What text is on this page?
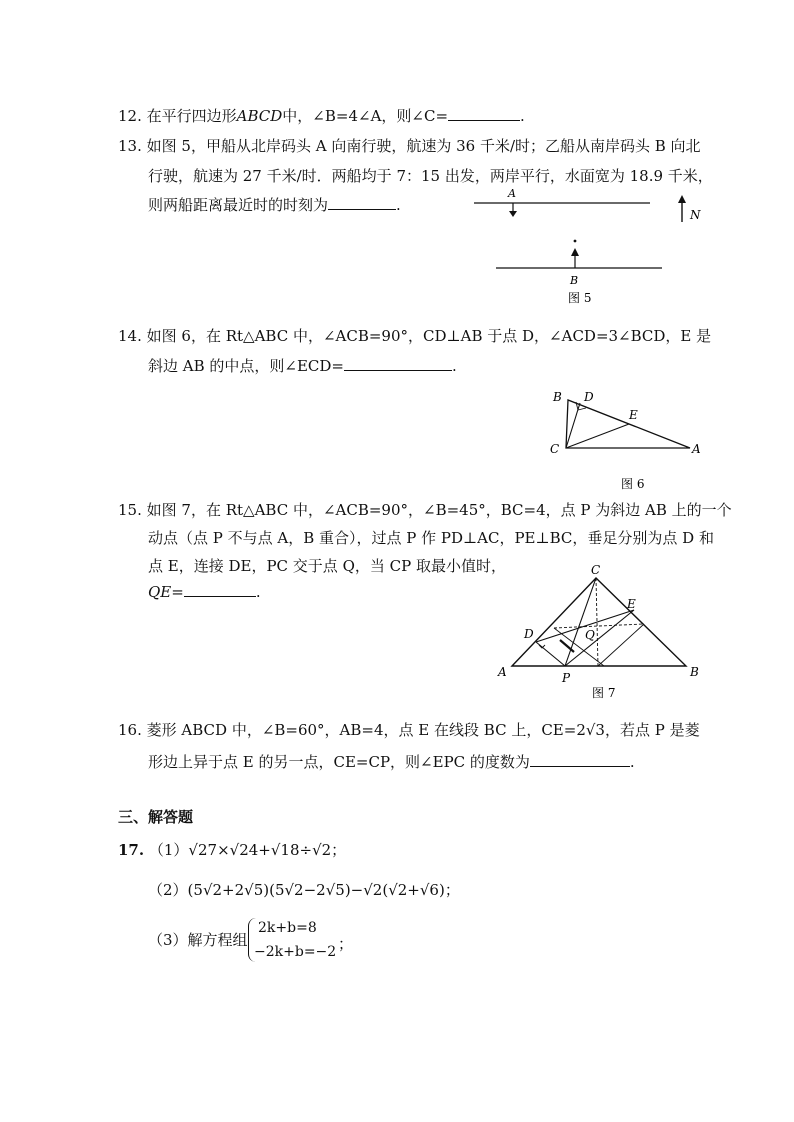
12. 在平行四边形ABCD中，∠B=4∠A，则∠C=	.
13. 如图 5，甲船从北岸码头 A 向南行驶，航速为 36 千米/时；乙船从南岸码头 B 向北
行驶，航速为 27 千米/时．两船均于 7：15 出发，两岸平行，水面宽为 18.9 千米，
则两船距离最近时的时刻为	.
A
N
B
图 5
14. 如图 6，在 Rt△ABC 中，∠ACB=90°，CD⊥AB 于点 D，∠ACD=3∠BCD，E 是
斜边 AB 的中点，则∠ECD=	.
B D
E
C	A
图 6
15. 如图 7，在 Rt△ABC 中，∠ACB=90°，∠B=45°，BC=4，点 P 为斜边 AB 上的一个
动点（点 P 不与点 A，B 重合），过点 P 作 PD⊥AC，PE⊥BC，垂足分别为点 D 和
点 E，连接 DE，PC 交于点 Q，当 CP 取最小值时，
QE=	.
C
E
D	Q
A	P	B
图 7
16. 菱形 ABCD 中，∠B=60°，AB=4，点 E 在线段 BC 上，CE=2√3，若点 P 是菱
形边上异于点 E 的另一点，CE=CP，则∠EPC 的度数为	.
三、解答题
17. （1）√27×√24+√18÷√2；
（2）(5√2+2√5)(5√2−2√5)−√2(√2+√6)；
（3）解方程组
2k+b=8
−2k+b=−2 ；
